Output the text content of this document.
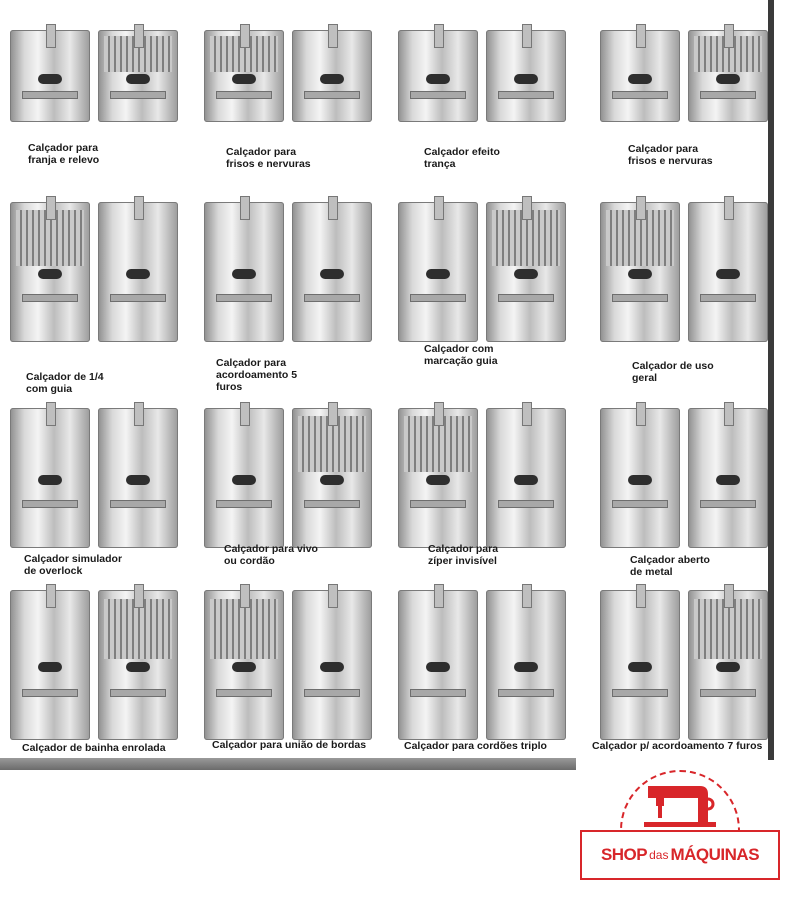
Calçador para
franja e relevo
Calçador para
frisos e nervuras
Calçador efeito
trança
Calçador para
frisos e nervuras
Calçador de 1/4
com guia
Calçador para
acordoamento 5
furos
Calçador com
marcação guia	Calçador de uso
geral
Calçador simulador
de overlock
Calçador para vivo
ou cordão
Calçador para
zíper invisível	Calçador aberto
de metal
Calçador de bainha enrolada	Calçador para união de bordas	Calçador para cordões triplo	Calçador p/ acordoamento 7 furos
SHOP das MÁQUINAS
